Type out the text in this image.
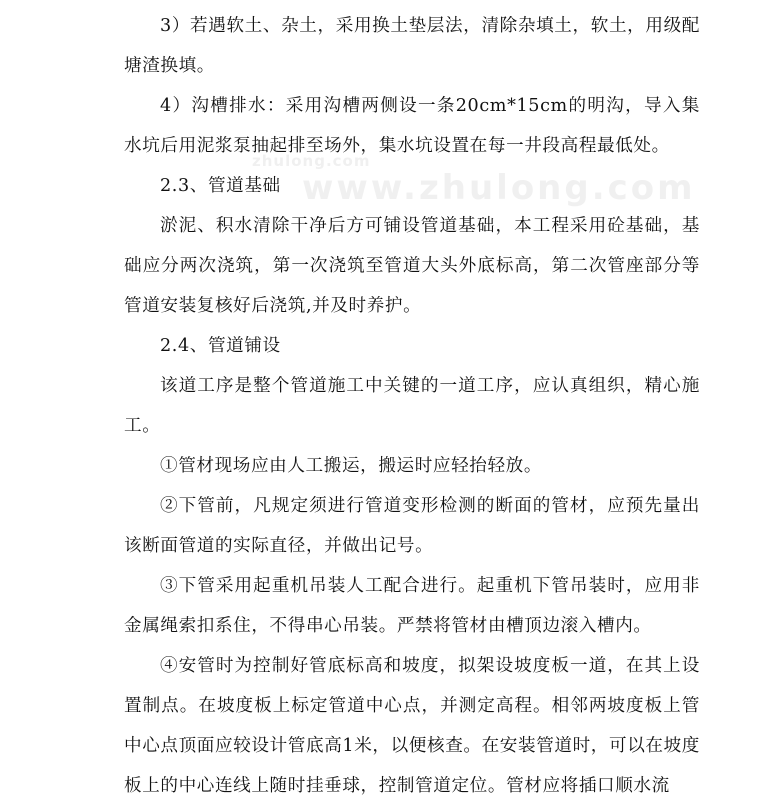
zhulong.com
www.zhulong.com

3）若遇软土、杂土，采用换土垫层法，清除杂填土，软土，用级配塘渣换填。

4）沟槽排水：采用沟槽两侧设一条20cm*15cm的明沟，导入集水坑后用泥浆泵抽起排至场外，集水坑设置在每一井段高程最低处。

2.3、管道基础

淤泥、积水清除干净后方可铺设管道基础，本工程采用砼基础，基础应分两次浇筑，第一次浇筑至管道大头外底标高，第二次管座部分等管道安装复核好后浇筑,并及时养护。

2.4、管道铺设

该道工序是整个管道施工中关键的一道工序，应认真组织，精心施工。

①管材现场应由人工搬运，搬运时应轻抬轻放。

②下管前，凡规定须进行管道变形检测的断面的管材，应预先量出该断面管道的实际直径，并做出记号。

③下管采用起重机吊装人工配合进行。起重机下管吊装时，应用非金属绳索扣系住，不得串心吊装。严禁将管材由槽顶边滚入槽内。

④安管时为控制好管底标高和坡度，拟架设坡度板一道，在其上设置制点。在坡度板上标定管道中心点，并测定高程。相邻两坡度板上管中心点顶面应较设计管底高1米，以便核查。在安装管道时，可以在坡度板上的中心连线上随时挂垂球，控制管道定位。管材应将插口顺水流
